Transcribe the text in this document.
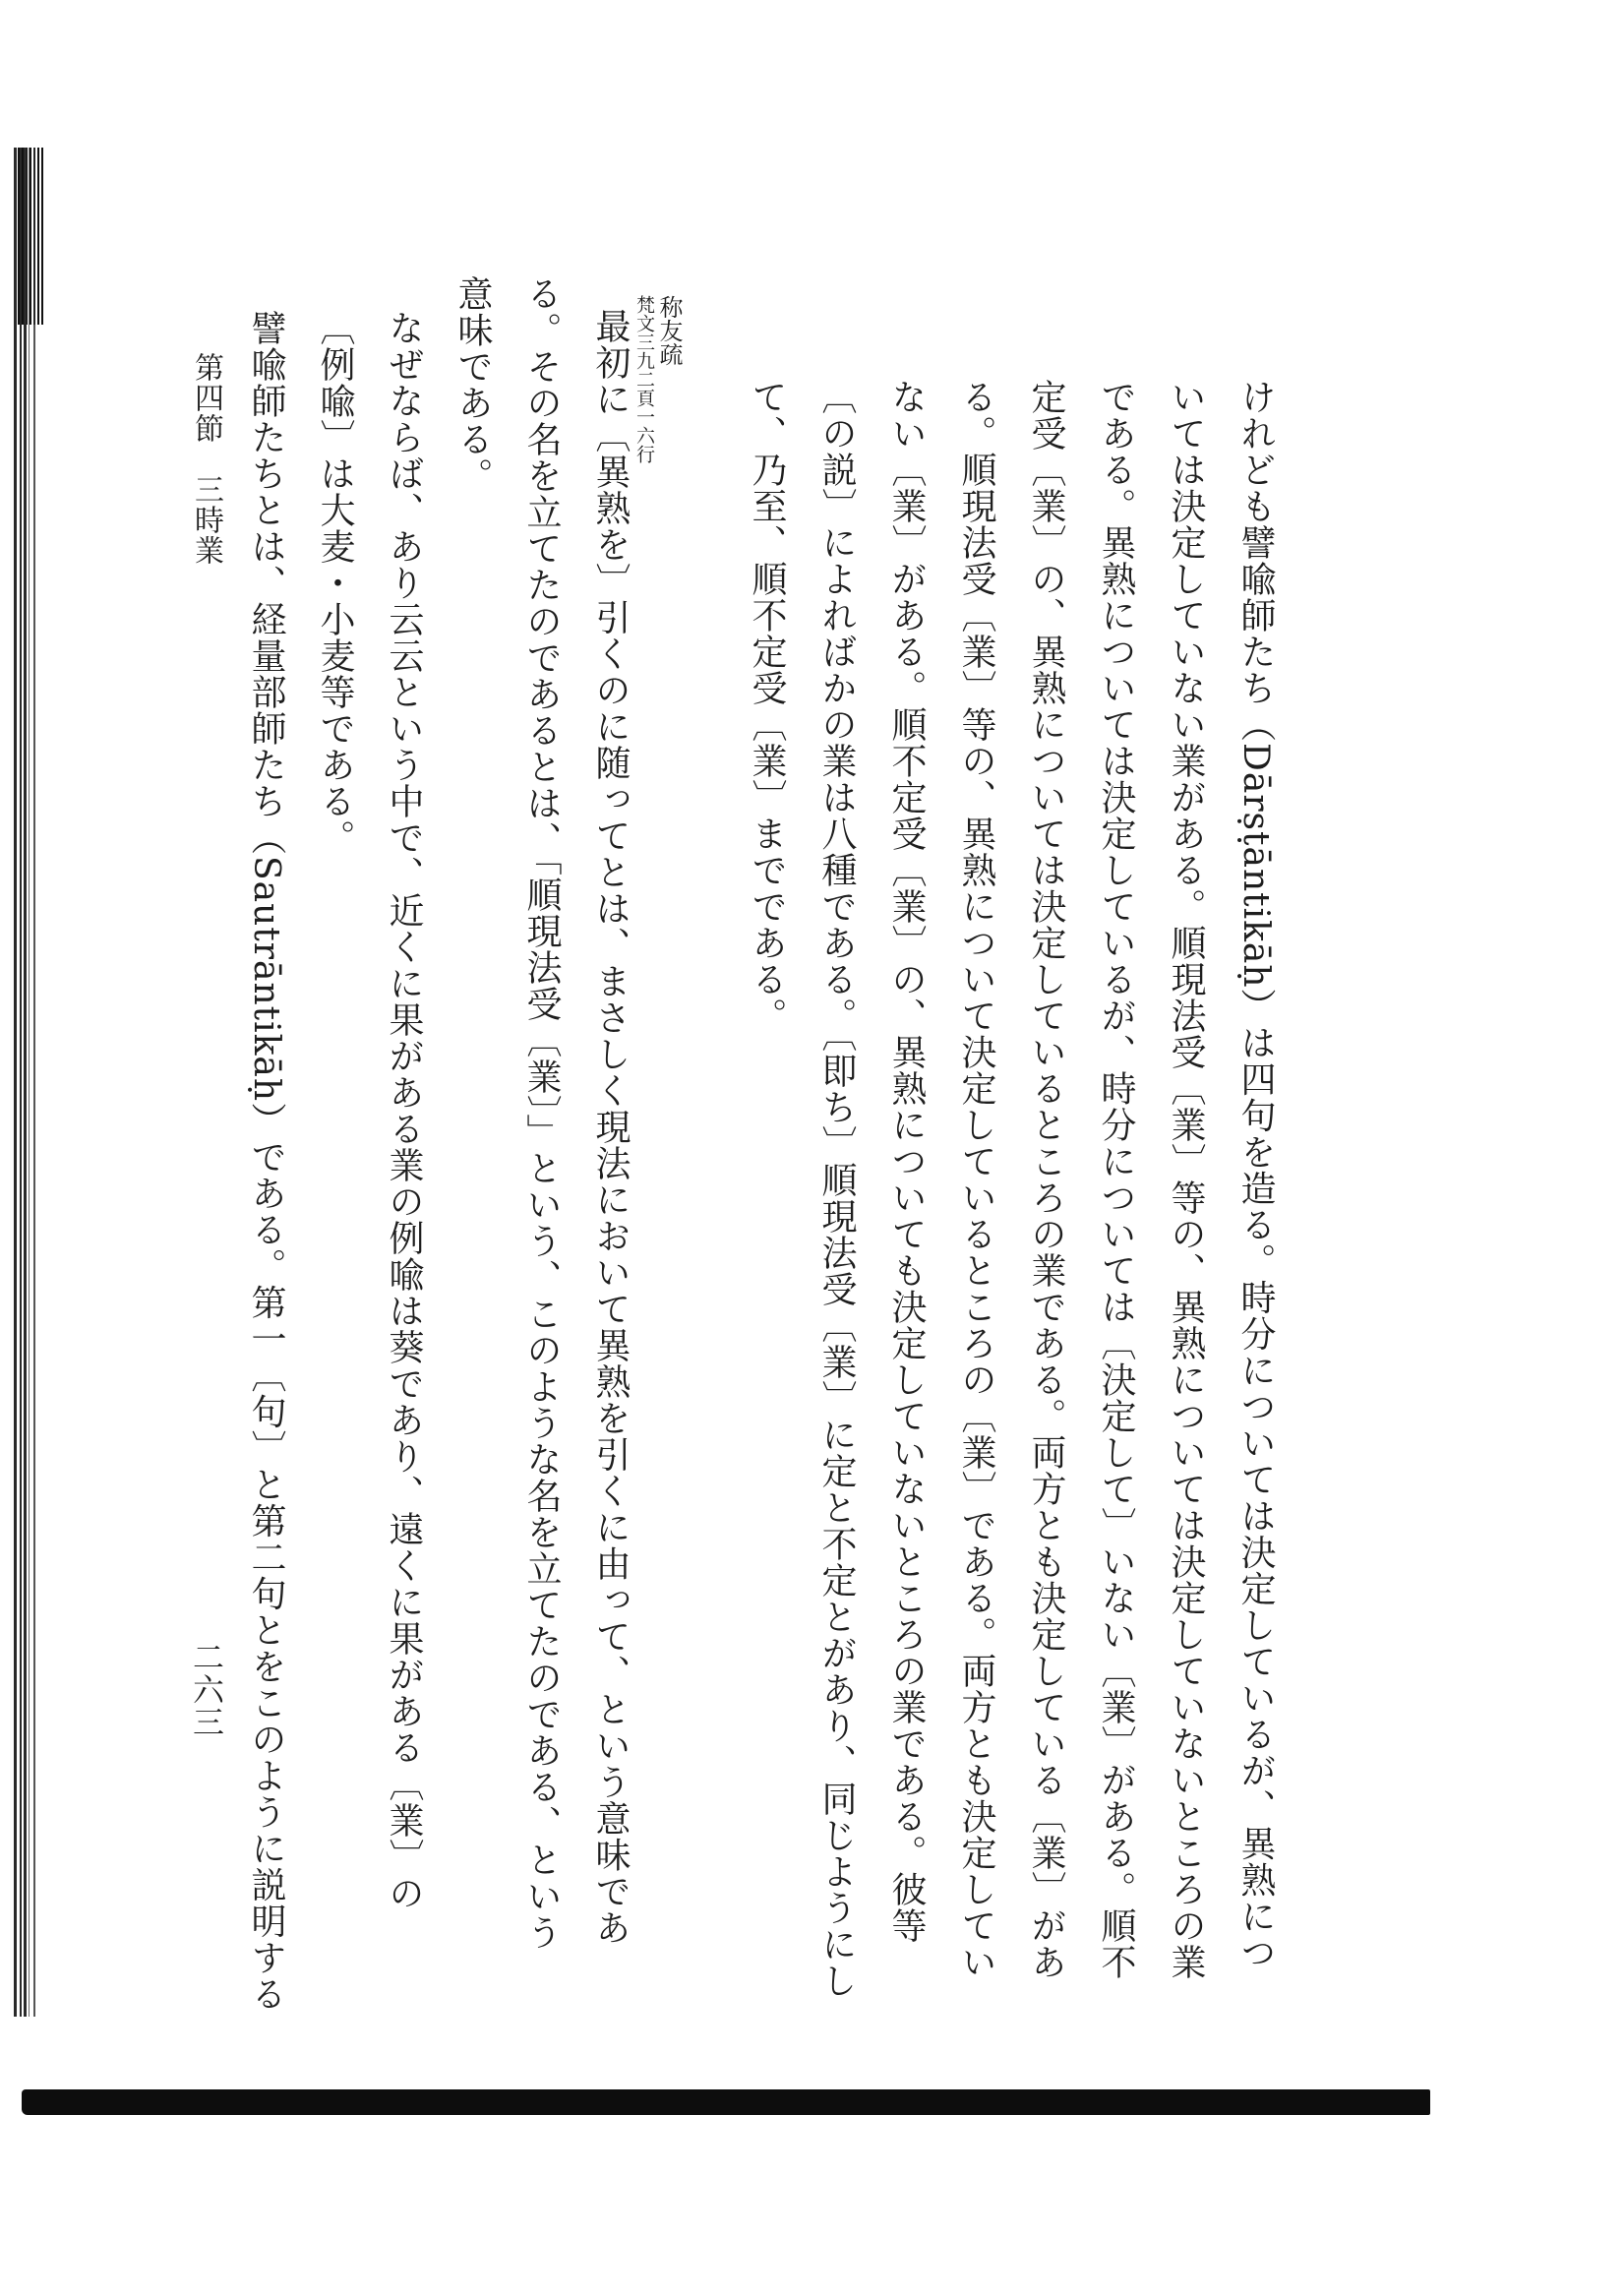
けれども譬喩師たち（Dārṣṭāntikāḥ）は四句を造る。時分については決定しているが、異熟につ
いては決定していない業がある。順現法受〔業〕等の、異熟については決定していないところの業
である。異熟については決定しているが、時分については〔決定して〕いない〔業〕がある。順不
定受〔業〕の、異熟については決定しているところの業である。両方とも決定している〔業〕があ
る。順現法受〔業〕等の、異熟について決定しているところの〔業〕である。両方とも決定してい
ない〔業〕がある。順不定受〔業〕の、異熟についても決定していないところの業である。彼等
〔の説〕によればかの業は八種である。〔即ち〕順現法受〔業〕に定と不定とがあり、同じようにし
て、乃至、順不定受〔業〕までである。
称友疏
梵文三九二頁一六行
最初に〔異熟を〕引くのに随ってとは、まさしく現法において異熟を引くに由って、という意味であ
る。その名を立てたのであるとは、「順現法受〔業〕」という、このような名を立てたのである、という
意味である。
なぜならば、あり云云という中で、近くに果がある業の例喩は葵であり、遠くに果がある〔業〕の
〔例喩〕は大麦・小麦等である。
譬喩師たちとは、経量部師たち（Sautrāntikāḥ）である。第一〔句〕と第二句とをこのように説明する
第四節　三時業
二六三
